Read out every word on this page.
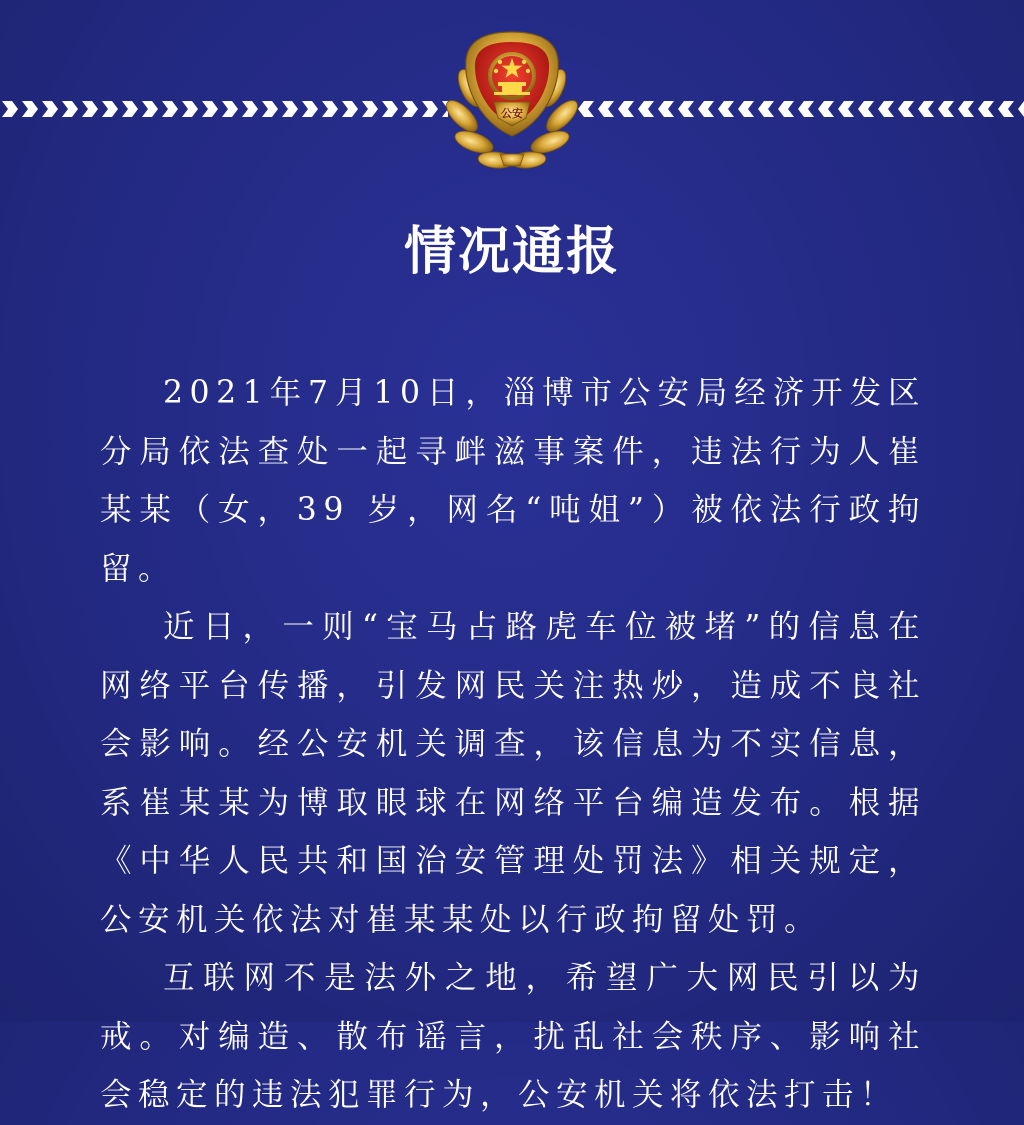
公安
情况通报

2021年7月10日，淄博市公安局经济开发区分局依法查处一起寻衅滋事案件，违法行为人崔某某（女，39 岁，网名“吨姐”）被依法行政拘留。

近日，一则“宝马占路虎车位被堵”的信息在网络平台传播，引发网民关注热炒，造成不良社会影响。经公安机关调查，该信息为不实信息，系崔某某为博取眼球在网络平台编造发布。根据《中华人民共和国治安管理处罚法》相关规定，公安机关依法对崔某某处以行政拘留处罚。

互联网不是法外之地，希望广大网民引以为戒。对编造、散布谣言，扰乱社会秩序、影响社会稳定的违法犯罪行为，公安机关将依法打击！
